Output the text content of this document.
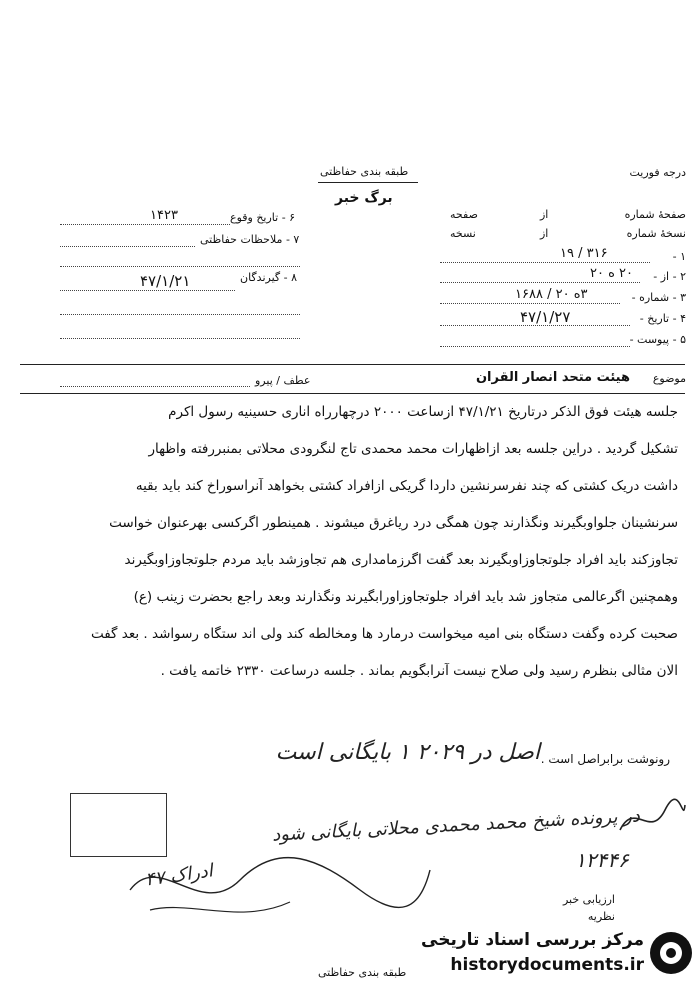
درجه فوریت
طبقه بندی حفاظتی
برگ خبر
صفحهٔ شماره
از
صفحه
نسخهٔ شماره
از
نسخه
۱ -
۳۱۶ / ۱۹
۲ - از -
۲۰ ه ۲۰
۳ - شماره -
۳ه ۲۰ / ۱۶۸۸
۴ - تاریخ -
۴۷/۱/۲۷
۵ - پیوست -
۶ - تاریخ وقوع
۱۴۲۳
۷ - ملاحظات حفاظتی
۸ - گیرندگان
۴۷/۱/۲۱
موضوع
هیئت متحد انصار القران
عطف / پیرو
جلسه هیئت فوق الذکر درتاریخ ۴۷/۱/۲۱ ازساعت ۲۰۰۰ درچهارراه اناری حسینیه رسول اکرم
تشکیل گردید . دراین جلسه بعد ازاظهارات محمد محمدی تاج لنگرودی محلاتی بمنبررفته واظهار
داشت دریک کشتی که چند نفرسرنشین داردا گریکی ازافراد کشتی بخواهد آنراسوراخ کند باید بقیه
سرنشینان جلواوبگیرند ونگذارند چون همگی درد ریاغرق میشوند . همینطور اگرکسی بهرعنوان خواست
تجاوزکند باید افراد جلوتجاوزاوبگیرند بعد گفت اگرزمامداری هم تجاوزشد باید مردم جلوتجاوزاوبگیرند
وهمچنین اگرعالمی متجاوز شد باید افراد جلوتجاوزاورابگیرند ونگذارند وبعد راجع بحضرت زینب (ع)
صحبت کرده وگفت دستگاه بنی امیه میخواست درمارد ها ومخالطه کند ولی اند ستگاه رسواشد . بعد گفت
الان مثالی بنظرم رسید ولی صلاح نیست آنرابگویم بماند . جلسه درساعت ۲۳۳۰ خاتمه یافت .
رونوشت برابراصل است .
اصل در ۲۰۲۹ ۱ بایگانی است
در پرونده شیخ محمد محمدی محلاتی بایگانی شود
ادراک ۴۷
۱۲۴۴۶
ارزیابی خبر
نظریه
طبقه بندی حفاظتی
مرکز بررسی اسناد تاریخی
historydocuments.ir
